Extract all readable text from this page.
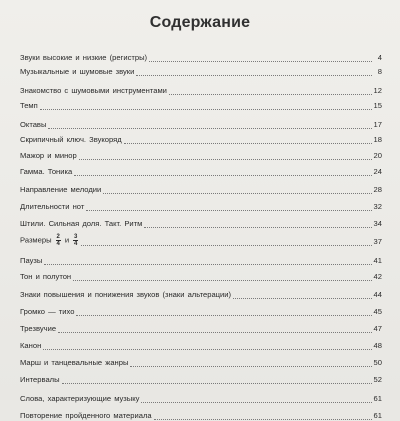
Содержание
Звуки высокие и низкие (регистры)	4
Музыкальные и шумовые звуки	8
Знакомство с шумовыми инструментами	12
Темп	15
Октавы	17
Скрипичный ключ. Звукоряд	18
Мажор и минор	20
Гамма. Тоника	24
Направление мелодии	28
Длительности нот	32
Штили. Сильная доля. Такт. Ритм	34
Размеры $\frac{2}{4}$ и $\frac{3}{4}$	37
Паузы	41
Тон и полутон	42
Знаки повышения и понижения звуков (знаки альтерации)	44
Громко — тихо	45
Трезвучие	47
Канон	48
Марш и танцевальные жанры	50
Интервалы	52
Слова, характеризующие музыку	61
Повторение пройденного материала	61
